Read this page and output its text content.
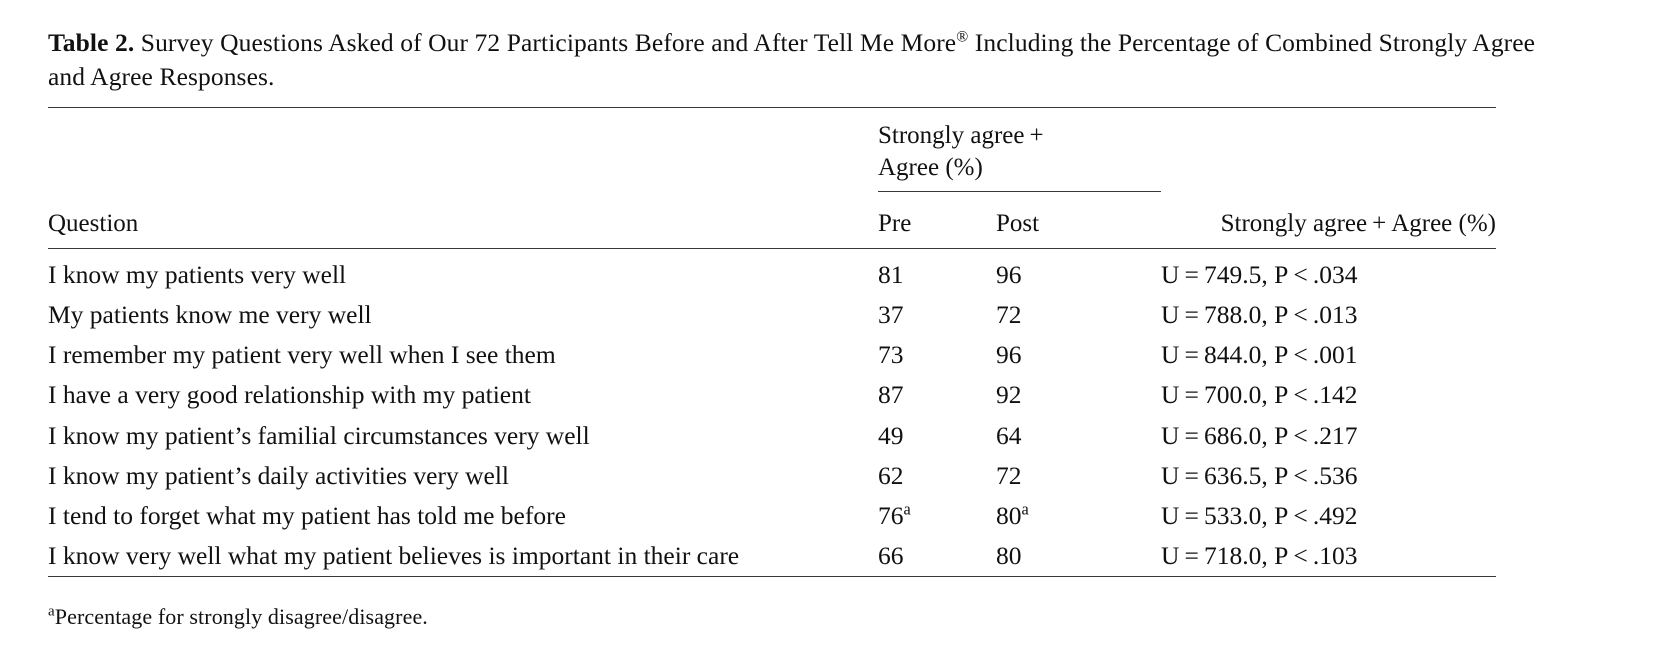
Table 2. Survey Questions Asked of Our 72 Participants Before and After Tell Me More® Including the Percentage of Combined Strongly Agree and Agree Responses.

	Strongly agree +
Agree (%)		

Question	Pre	Post	Strongly agree + Agree (%)

I know my patients very well	81	96	U = 749.5, P < .034
My patients know me very well	37	72	U = 788.0, P < .013
I remember my patient very well when I see them	73	96	U = 844.0, P < .001
I have a very good relationship with my patient	87	92	U = 700.0, P < .142
I know my patient’s familial circumstances very well	49	64	U = 686.0, P < .217
I know my patient’s daily activities very well	62	72	U = 636.5, P < .536
I tend to forget what my patient has told me before	76$^a$	80$^a$	U = 533.0, P < .492
I know very well what my patient believes is important in their care	66	80	U = 718.0, P < .103

$^a$Percentage for strongly disagree/disagree.
